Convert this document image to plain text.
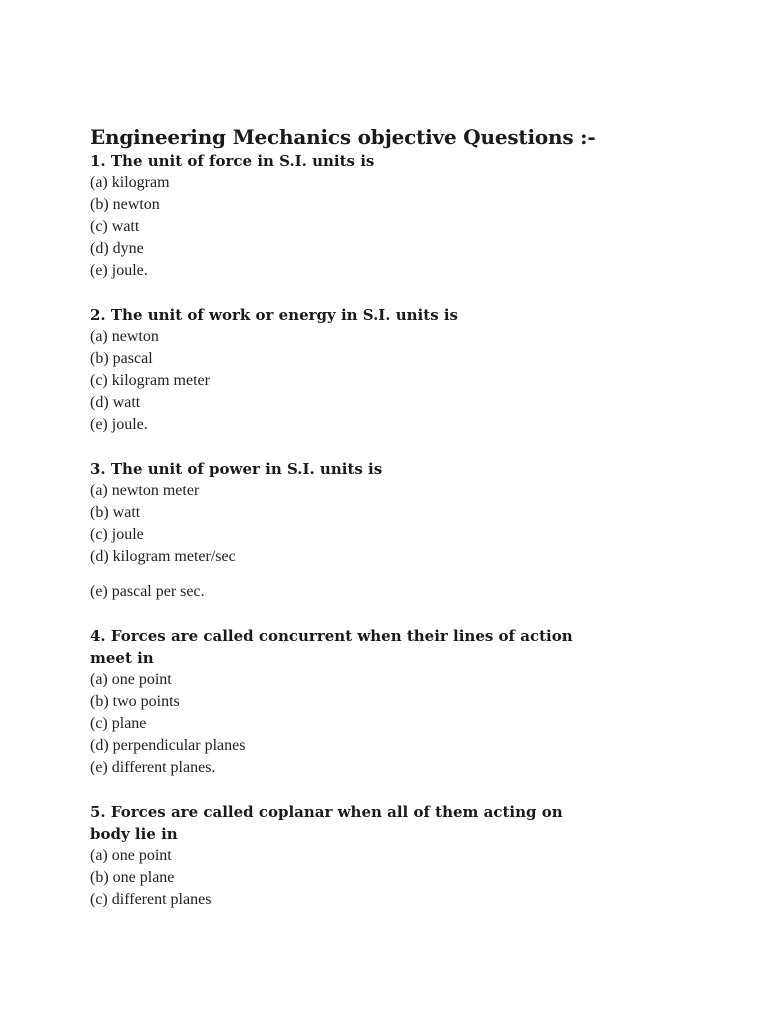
Engineering Mechanics objective Questions :-

1. The unit of force in S.I. units is

(a) kilogram

(b) newton

(c) watt

(d) dyne

(e) joule.

2. The unit of work or energy in S.I. units is

(a) newton

(b) pascal

(c) kilogram meter

(d) watt

(e) joule.

3. The unit of power in S.I. units is

(a) newton meter

(b) watt

(c) joule

(d) kilogram meter/sec

(e) pascal per sec.

4. Forces are called concurrent when their lines of action meet in

(a) one point

(b) two points

(c) plane

(d) perpendicular planes

(e) different planes.

5. Forces are called coplanar when all of them acting on body lie in

(a) one point

(b) one plane

(c) different planes
